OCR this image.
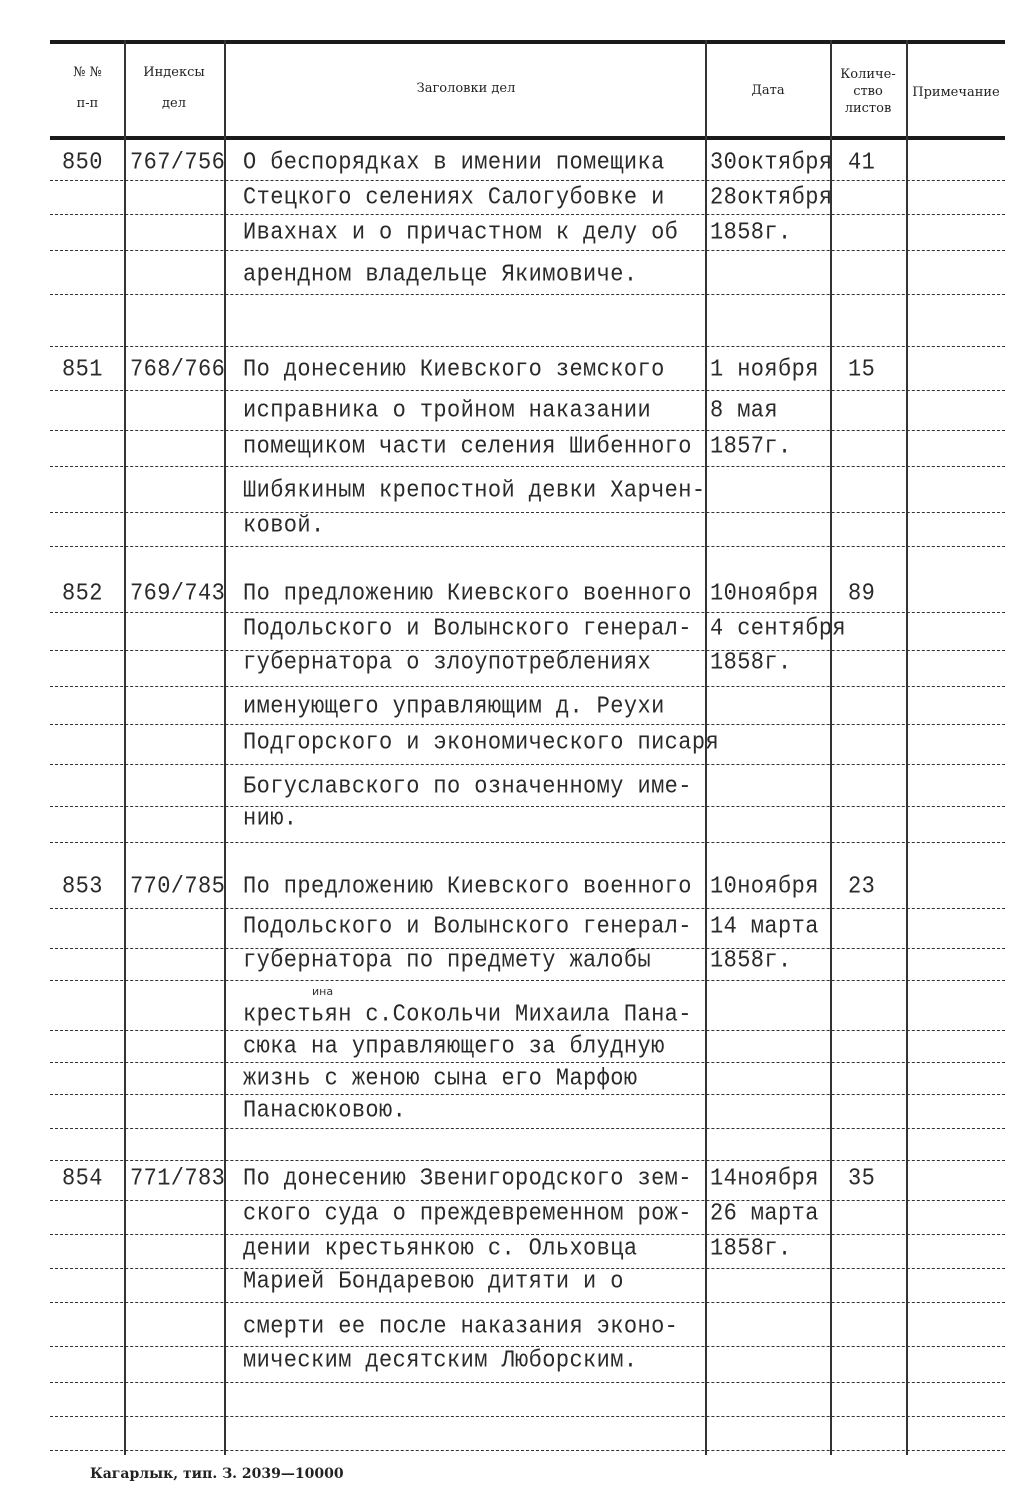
№ №
п-п
Индексы
дел
Заголовки дел	Дата
Количе-
ство
листов
Примечание
850 767/756 О беспорядках в имении помещика
Стецкого селениях Салогубовке и
Ивахнах и о причастном к делу об
арендном владельце Якимовиче.
30октября
28октября
1858г.
41
851 768/766 По донесению Киевского земского
исправника о тройном наказании
помещиком части селения Шибенного
Шибякиным крепостной девки Харчен-
ковой.
1 ноября
8 мая
1857г.
15
852 769/743 По предложению Киевского военного
Подольского и Волынского генерал-
губернатора о злоупотреблениях
именующего управляющим д. Реухи
Подгорского и экономического писаря
Богуславского по означенному име-
нию.
10ноября
4 сентября
1858г.
89
853 770/785 По предложению Киевского военного
Подольского и Волынского генерал-
губернатора по предмету жалобы
крестьян с.Сокольчи Михаила Пана-
сюка на управляющего за блудную
жизнь с женою сына его Марфою
Панасюковою.
10ноября
14 марта
1858г.
23
ина
854 771/783 По донесению Звенигородского зем-
ского суда о преждевременном рож-
дении крестьянкою с. Ольховца
Марией Бондаревою дитяти и о
смерти ее после наказания эконо-
мическим десятским Люборским.
14ноября
26 марта
1858г.
35
Кагарлык, тип. З. 2039—10000
